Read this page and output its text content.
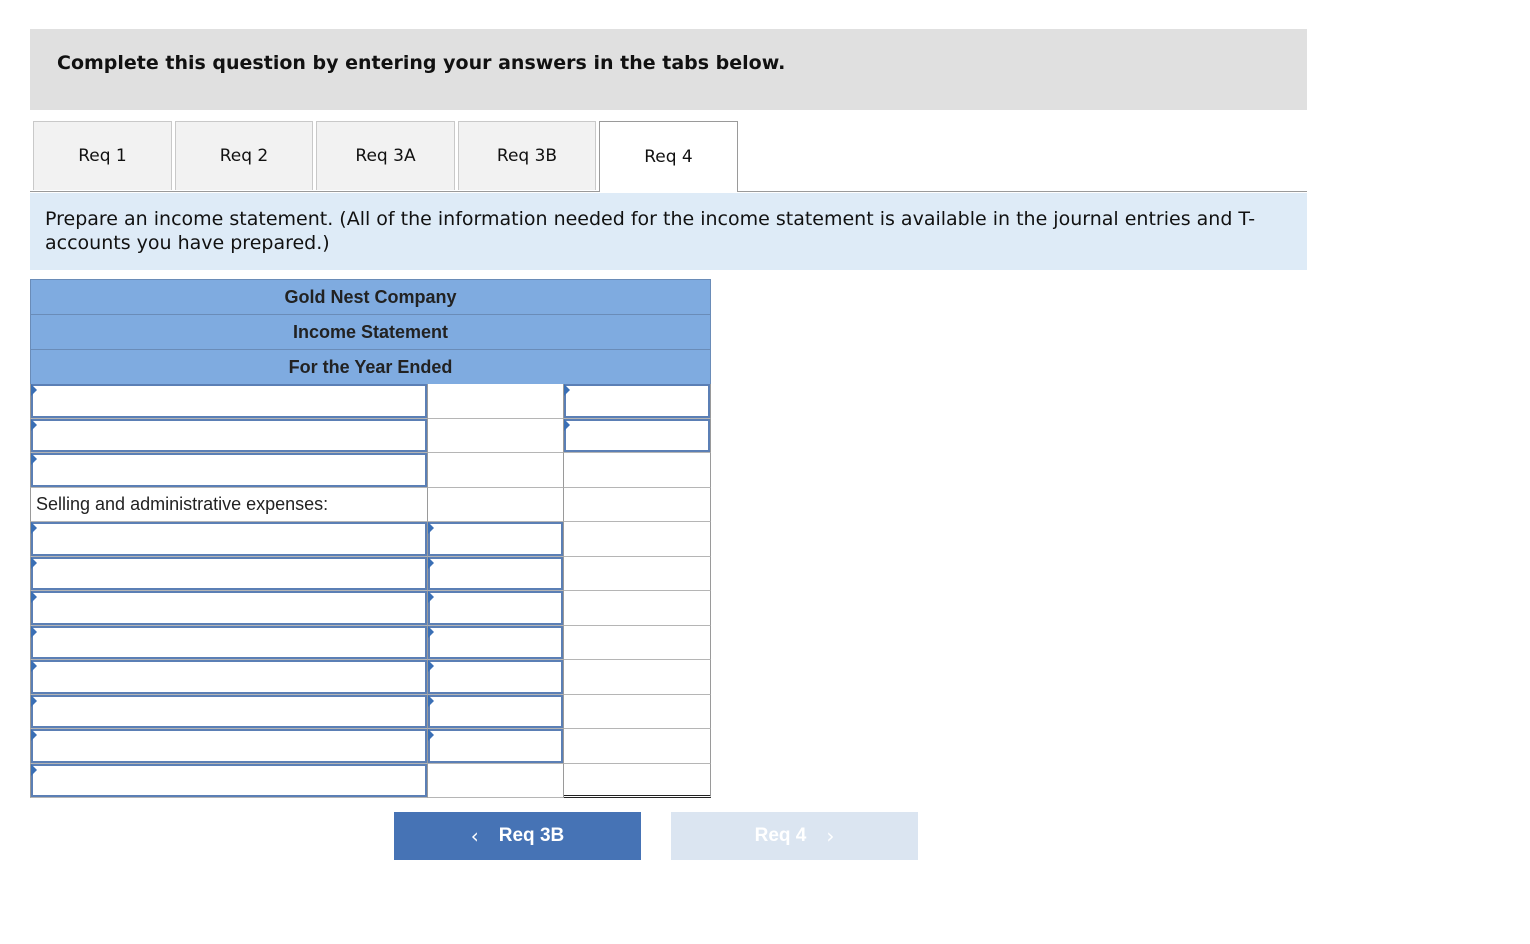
Complete this question by entering your answers in the tabs below.
Req 1	Req 2	Req 3A	Req 3B	Req 4
Prepare an income statement. (All of the information needed for the income statement is available in the journal entries and T-accounts you have prepared.)
Gold Nest Company
Income Statement
For the Year Ended
Selling and administrative expenses:
‹ Req 3B	Req 4 ›
